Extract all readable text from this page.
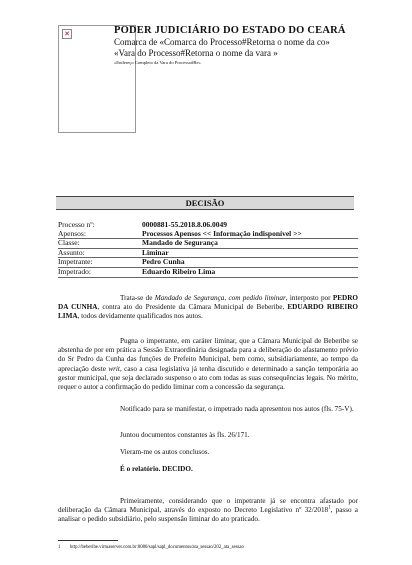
✕	PODER JUDICIÁRIO DO ESTADO DO CEARÁ
Comarca de «Comarca do Processo#Retorna o nome da co»
«Vara do Processo#Retorna o nome da vara »
«Endereço Completo da Vara do Processo#Re»
DECISÃO
Processo nº:	0000881-55.2018.8.06.0049
Apensos:	Processos Apensos << Informação indisponível >>
Classe:	Mandado de Segurança
Assunto:	Liminar
Impetrante:	Pedro Cunha
Impetrado:	Eduardo Ribeiro Lima
Trata-se de Mandado de Segurança, com pedido liminar, interposto por PEDRO DA CUNHA, contra ato do Presidente da Câmara Municipal de Beberibe, EDUARDO RIBEIRO LIMA, todos devidamente qualificados nos autos.
Pugna o impetrante, em caráter liminar, que a Câmara Municipal de Beberibe se abstenha de por em prática a Sessão Extraordinária designada para a deliberação do afastamento prévio do Sr Pedro da Cunha das funções de Prefeito Municipal, bem como, subsidiariamente, ao tempo da apreciação deste writ, caso a casa legislativa já tenha discutido e determinado a sanção temporária ao gestor municipal, que seja declarado suspenso o ato com todas as suas consequências legais. No mérito, requer o autor a confirmação do pedido liminar com a concessão da segurança.
Notificado para se manifestar, o impetrado nada apresentou nos autos (fls. 75-V).
Juntou documentos constantes às fls. 26/171.
Vieram-me os autos conclusos.
É o relatório. DECIDO.
Primeiramente, considerando que o impetrante já se encontra afastado por deliberação da Câmara Municipal, através do exposto no Decreto Legislativo nº 32/2018$^1$, passo a analisar o pedido subsidiário, pelo suspensão liminar do ato praticado.
1 http://beberibe.virtuaserver.com.br:8080/sapl/sapl_documentos/ata_sessao/202_ata_sessao
